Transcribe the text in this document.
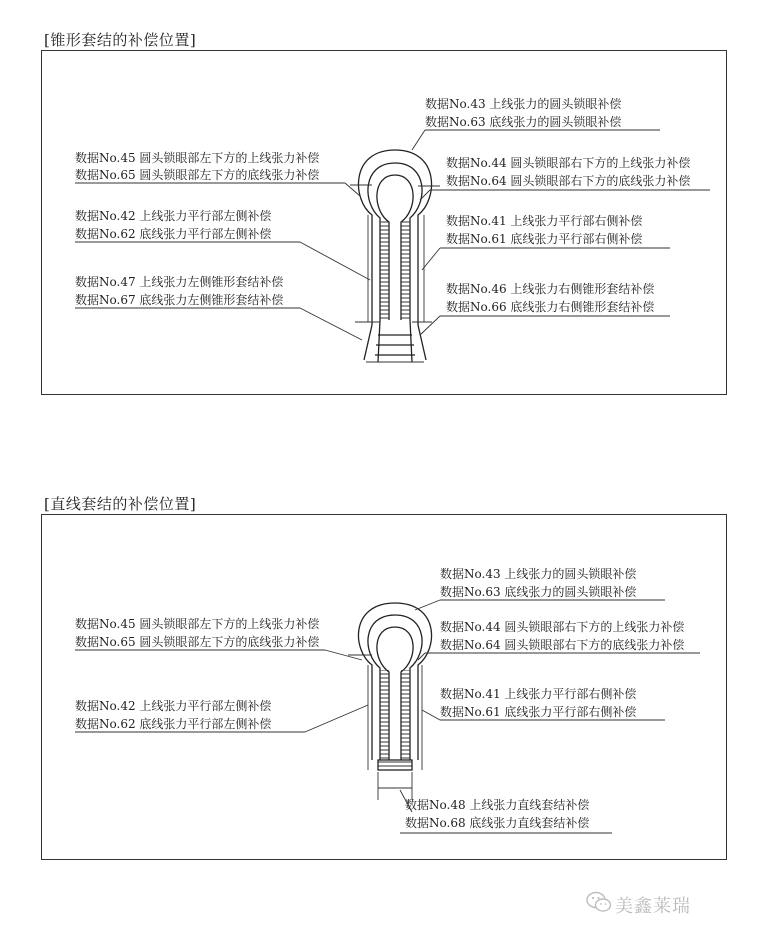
[锥形套结的补偿位置]
[直线套结的补偿位置]
数据No.43 上线张力的圆头锁眼补偿
数据No.63 底线张力的圆头锁眼补偿
数据No.45 圆头锁眼部左下方的上线张力补偿
数据No.65 圆头锁眼部左下方的底线张力补偿
数据No.44 圆头锁眼部右下方的上线张力补偿
数据No.64 圆头锁眼部右下方的底线张力补偿
数据No.42 上线张力平行部左侧补偿
数据No.62 底线张力平行部左侧补偿
数据No.41 上线张力平行部右侧补偿
数据No.61 底线张力平行部右侧补偿
数据No.47 上线张力左侧锥形套结补偿
数据No.67 底线张力左侧锥形套结补偿
数据No.46 上线张力右侧锥形套结补偿
数据No.66 底线张力右侧锥形套结补偿
数据No.43 上线张力的圆头锁眼补偿
数据No.63 底线张力的圆头锁眼补偿
数据No.45 圆头锁眼部左下方的上线张力补偿
数据No.65 圆头锁眼部左下方的底线张力补偿
数据No.44 圆头锁眼部右下方的上线张力补偿
数据No.64 圆头锁眼部右下方的底线张力补偿
数据No.41 上线张力平行部右侧补偿
数据No.61 底线张力平行部右侧补偿
数据No.42 上线张力平行部左侧补偿
数据No.62 底线张力平行部左侧补偿
数据No.48 上线张力直线套结补偿
数据No.68 底线张力直线套结补偿
美鑫莱瑞
